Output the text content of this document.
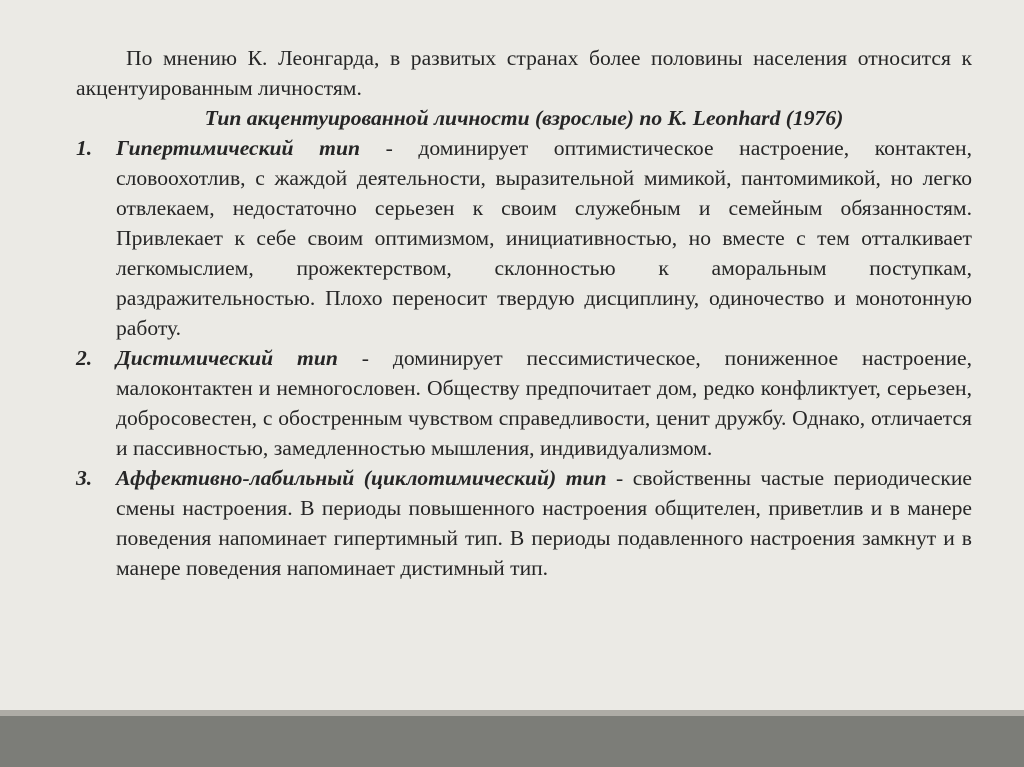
По мнению К. Леонгарда, в развитых странах более половины населения относится к акцентуированным личностям.

Тип акцентуированной личности (взрослые) по K. Leonhard (1976)

1. Гипертимический тип - доминирует оптимистическое настроение, контактен, словоохотлив, с жаждой деятельности, выразительной мимикой, пантомимикой, но легко отвлекаем, недостаточно серьезен к своим служебным и семейным обязанностям. Привлекает к себе своим оптимизмом, инициативностью, но вместе с тем отталкивает легкомыслием, прожектерством, склонностью к аморальным поступкам, раздражительностью. Плохо переносит твердую дисциплину, одиночество и монотонную работу.

2. Дистимический тип - доминирует пессимистическое, пониженное настроение, малоконтактен и немногословен. Обществу предпочитает дом, редко конфликтует, серьезен, добросовестен, с обостренным чувством справедливости, ценит дружбу. Однако, отличается и пассивностью, замедленностью мышления, индивидуализмом.

3. Аффективно-лабильный (циклотимический) тип - свойственны частые периодические смены настроения. В периоды повышенного настроения общителен, приветлив и в манере поведения напоминает гипертимный тип. В периоды подавленного настроения замкнут и в манере поведения напоминает дистимный тип.
